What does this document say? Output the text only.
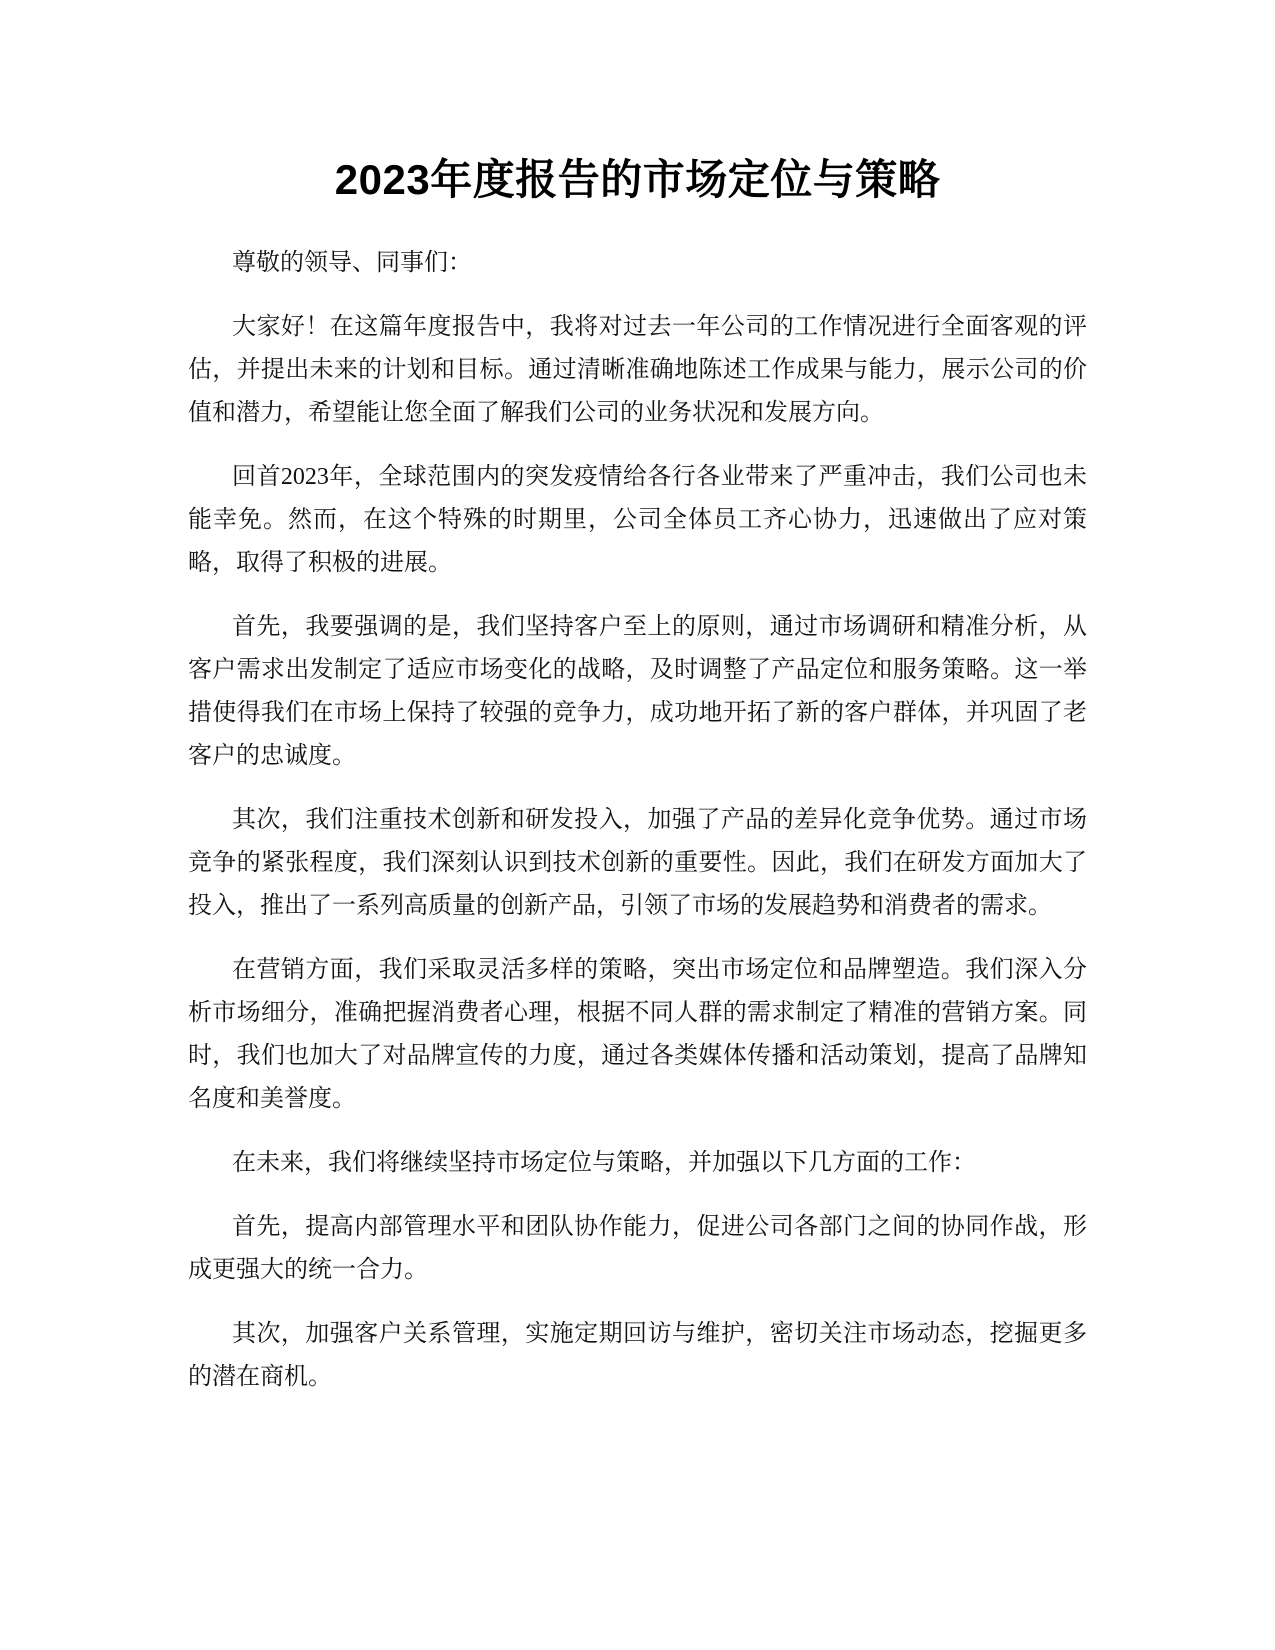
2023年度报告的市场定位与策略

尊敬的领导、同事们：

大家好！在这篇年度报告中，我将对过去一年公司的工作情况进行全面客观的评估，并提出未来的计划和目标。通过清晰准确地陈述工作成果与能力，展示公司的价值和潜力，希望能让您全面了解我们公司的业务状况和发展方向。

回首2023年，全球范围内的突发疫情给各行各业带来了严重冲击，我们公司也未能幸免。然而，在这个特殊的时期里，公司全体员工齐心协力，迅速做出了应对策略，取得了积极的进展。

首先，我要强调的是，我们坚持客户至上的原则，通过市场调研和精准分析，从客户需求出发制定了适应市场变化的战略，及时调整了产品定位和服务策略。这一举措使得我们在市场上保持了较强的竞争力，成功地开拓了新的客户群体，并巩固了老客户的忠诚度。

其次，我们注重技术创新和研发投入，加强了产品的差异化竞争优势。通过市场竞争的紧张程度，我们深刻认识到技术创新的重要性。因此，我们在研发方面加大了投入，推出了一系列高质量的创新产品，引领了市场的发展趋势和消费者的需求。

在营销方面，我们采取灵活多样的策略，突出市场定位和品牌塑造。我们深入分析市场细分，准确把握消费者心理，根据不同人群的需求制定了精准的营销方案。同时，我们也加大了对品牌宣传的力度，通过各类媒体传播和活动策划，提高了品牌知名度和美誉度。

在未来，我们将继续坚持市场定位与策略，并加强以下几方面的工作：

首先，提高内部管理水平和团队协作能力，促进公司各部门之间的协同作战，形成更强大的统一合力。

其次，加强客户关系管理，实施定期回访与维护，密切关注市场动态，挖掘更多的潜在商机。
